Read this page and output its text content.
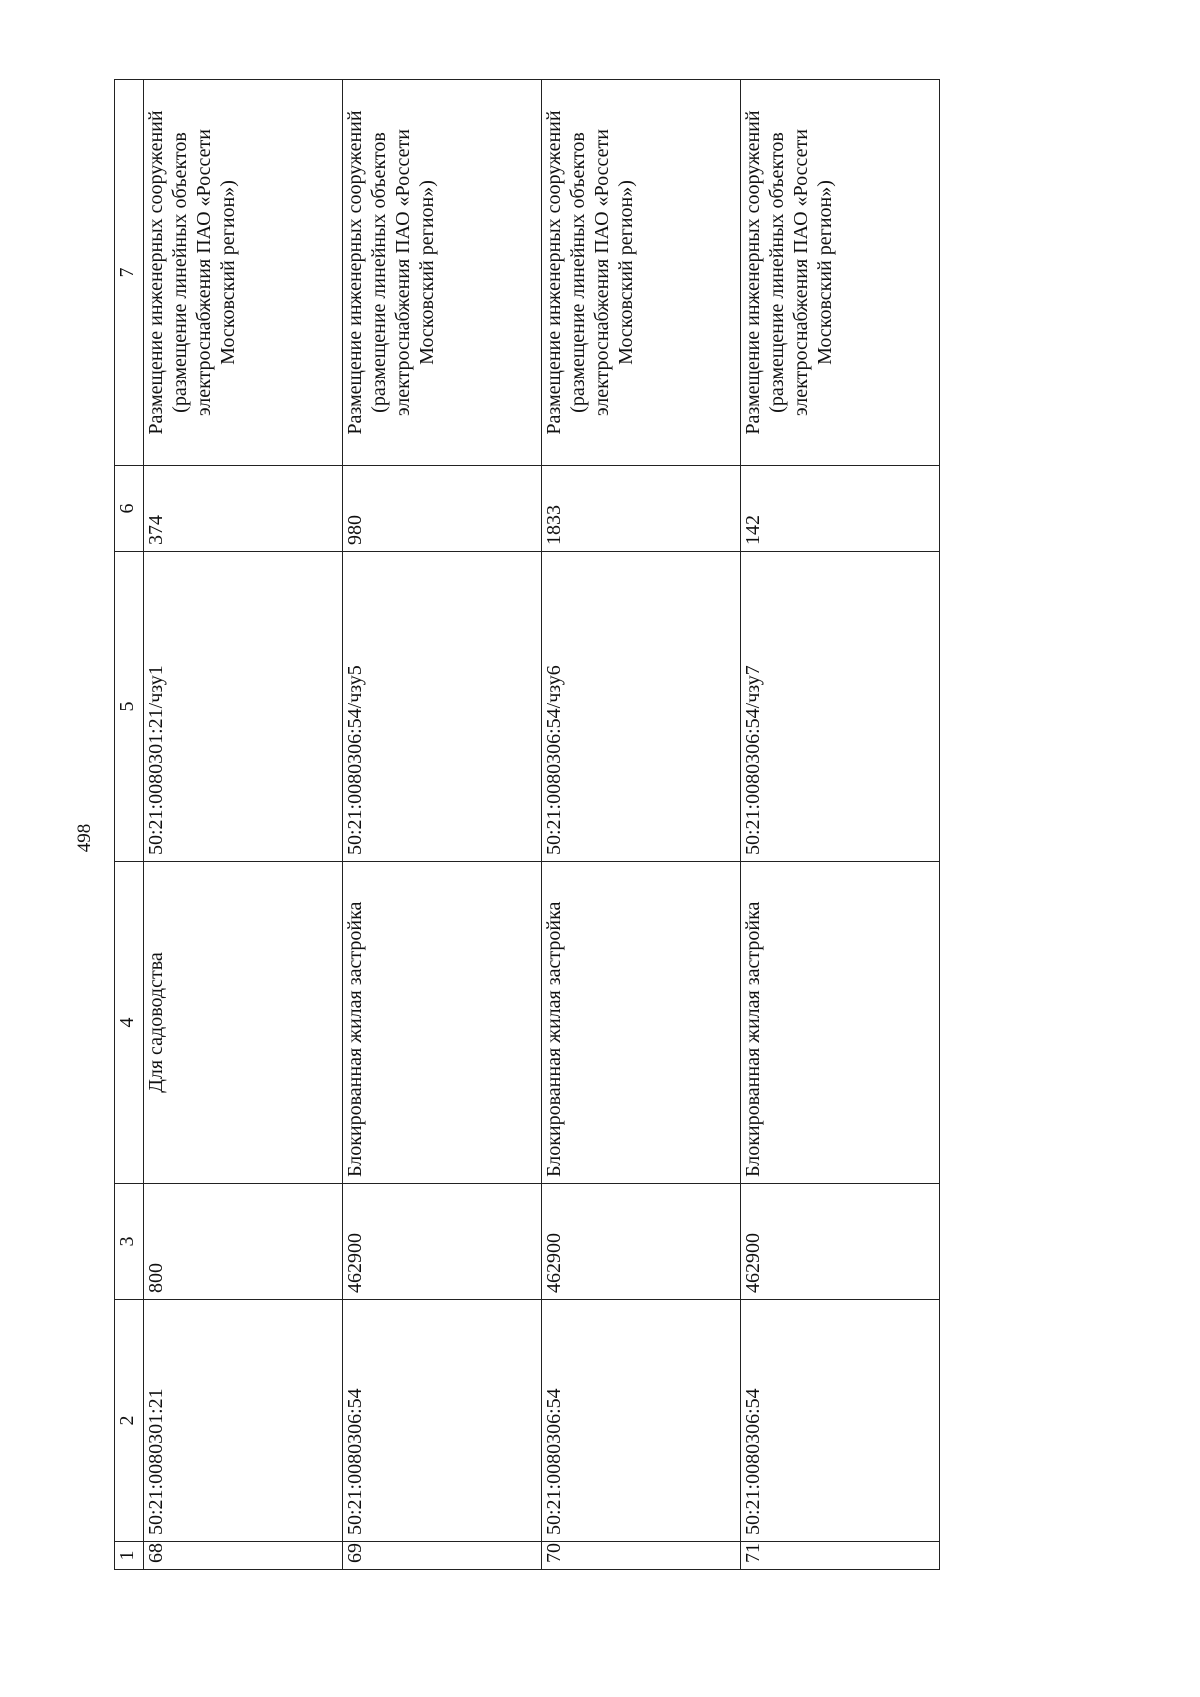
498
1	2	3	4	5	6	7
68	50:21:0080301:21	800	Для садоводства	50:21:0080301:21/чзу1	374	Размещение инженерных сооружений (размещение линейных объектов электроснабжения ПАО «Россети Московский регион»)
69	50:21:0080306:54	462900	Блокированная жилая застройка	50:21:0080306:54/чзу5	980	Размещение инженерных сооружений (размещение линейных объектов электроснабжения ПАО «Россети Московский регион»)
70	50:21:0080306:54	462900	Блокированная жилая застройка	50:21:0080306:54/чзу6	1833	Размещение инженерных сооружений (размещение линейных объектов электроснабжения ПАО «Россети Московский регион»)
71	50:21:0080306:54	462900	Блокированная жилая застройка	50:21:0080306:54/чзу7	142	Размещение инженерных сооружений (размещение линейных объектов электроснабжения ПАО «Россети Московский регион»)
